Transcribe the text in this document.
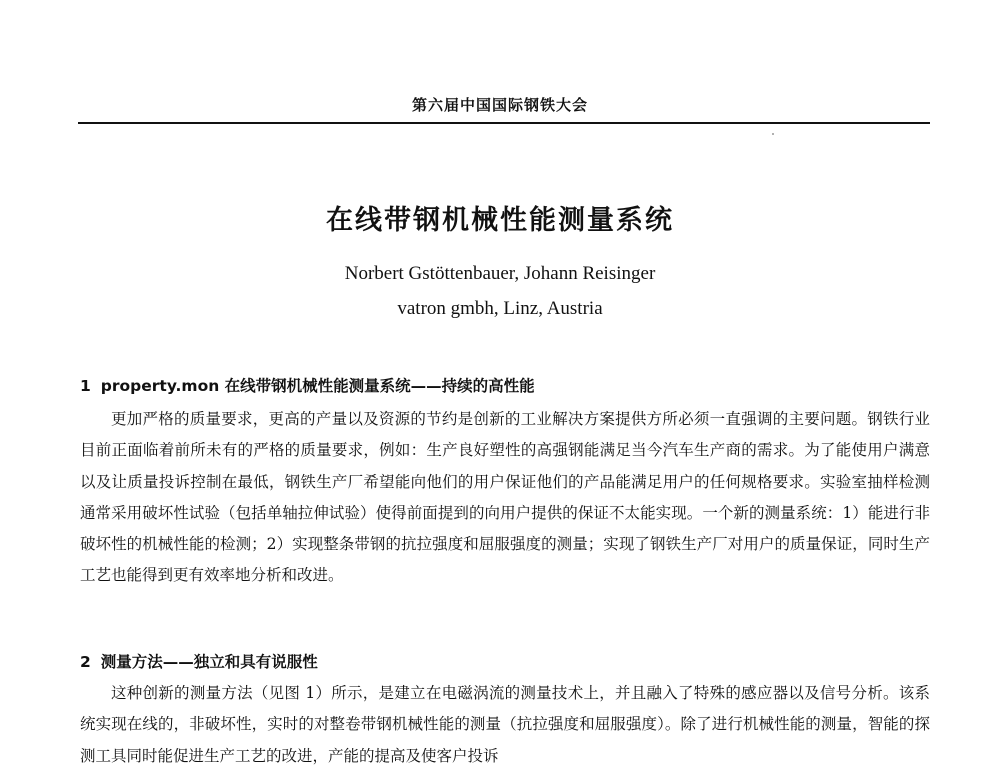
第六届中国国际钢铁大会
在线带钢机械性能测量系统
Norbert Gstöttenbauer, Johann Reisinger
vatron gmbh, Linz, Austria
1 property.mon 在线带钢机械性能测量系统——持续的高性能
更加严格的质量要求，更高的产量以及资源的节约是创新的工业解决方案提供方所必须一直强调的主要问题。钢铁行业目前正面临着前所未有的严格的质量要求，例如：生产良好塑性的高强钢能满足当今汽车生产商的需求。为了能使用户满意以及让质量投诉控制在最低，钢铁生产厂希望能向他们的用户保证他们的产品能满足用户的任何规格要求。实验室抽样检测通常采用破坏性试验（包括单轴拉伸试验）使得前面提到的向用户提供的保证不太能实现。一个新的测量系统：1）能进行非破坏性的机械性能的检测；2）实现整条带钢的抗拉强度和屈服强度的测量；实现了钢铁生产厂对用户的质量保证，同时生产工艺也能得到更有效率地分析和改进。
2 测量方法——独立和具有说服性
这种创新的测量方法（见图 1）所示，是建立在电磁涡流的测量技术上，并且融入了特殊的感应器以及信号分析。该系统实现在线的，非破坏性，实时的对整卷带钢机械性能的测量（抗拉强度和屈服强度）。除了进行机械性能的测量，智能的探测工具同时能促进生产工艺的改进，产能的提高及使客户投诉
